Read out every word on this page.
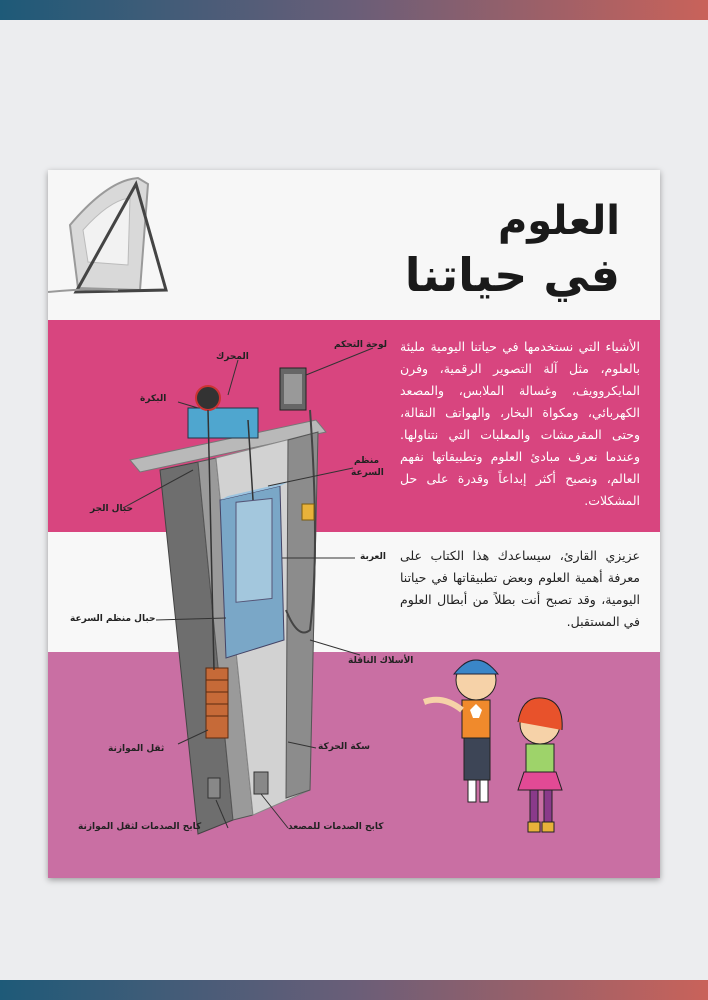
العلوم
في حياتنا

الأشياء التي نستخدمها في حياتنا اليومية مليئة بالعلوم، مثل آلة التصوير الرقمية، وفرن المايكروويف، وغسالة الملابس، والمصعد الكهربائي، ومكواة البخار، والهواتف النقالة، وحتى المقرمشات والمعلبات التي نتناولها. وعندما نعرف مبادئ العلوم وتطبيقاتها نفهم العالم، ونصبح أكثر إبداعاً وقدرة على حل المشكلات.

عزيزي القارئ، سيساعدك هذا الكتاب على معرفة أهمية العلوم وبعض تطبيقاتها في حياتنا اليومية، وقد تصبح أنت بطلاً من أبطال العلوم في المستقبل.

لوحة التحكم
المحرك
البكرة
منظم
السرعة
حبال الجر
العربة
حبال منظم السرعة
الأسلاك الناقلة
ثقل الموازنة	سكة الحركة
كابح الصدمات لثقل الموازنة	كابح الصدمات للمصعد
